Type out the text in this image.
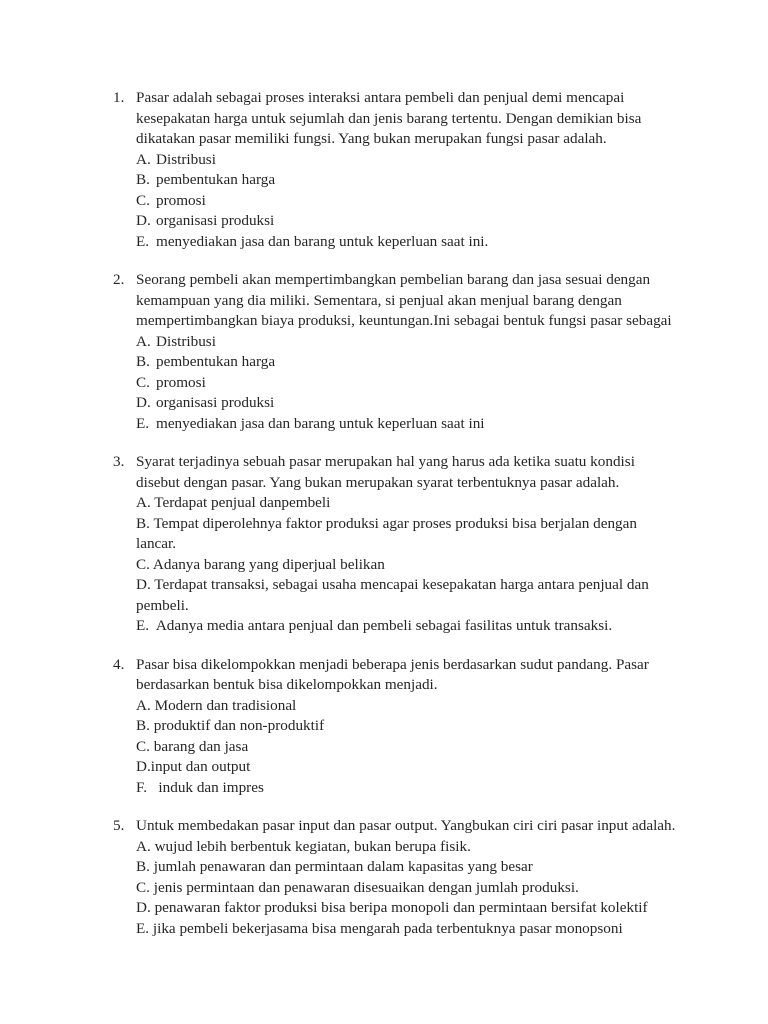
1. Pasar adalah sebagai proses interaksi antara pembeli dan penjual demi mencapai kesepakatan harga untuk sejumlah dan jenis barang tertentu. Dengan demikian bisa dikatakan pasar memiliki fungsi. Yang bukan merupakan fungsi pasar adalah.

A. Distribusi
B. pembentukan harga
C. promosi
D. organisasi produksi
E. menyediakan jasa dan barang untuk keperluan saat ini.
2. Seorang pembeli akan mempertimbangkan pembelian barang dan jasa sesuai dengan kemampuan yang dia miliki. Sementara, si penjual akan menjual barang dengan mempertimbangkan biaya produksi, keuntungan.Ini sebagai bentuk fungsi pasar sebagai

A. Distribusi
B. pembentukan harga
C. promosi
D. organisasi produksi
E. menyediakan jasa dan barang untuk keperluan saat ini
3. Syarat terjadinya sebuah pasar merupakan hal yang harus ada ketika suatu kondisi disebut dengan pasar. Yang bukan merupakan syarat terbentuknya pasar adalah.

A. Terdapat penjual danpembeli
B. Tempat diperolehnya faktor produksi agar proses produksi bisa berjalan dengan lancar.
C. Adanya barang yang diperjual belikan
D. Terdapat transaksi, sebagai usaha mencapai kesepakatan harga antara penjual dan pembeli.
E.  Adanya media antara penjual dan pembeli sebagai fasilitas untuk transaksi.
4. Pasar bisa dikelompokkan menjadi beberapa jenis berdasarkan sudut pandang. Pasar berdasarkan bentuk bisa dikelompokkan menjadi.

A. Modern dan tradisional
B. produktif dan non-produktif
C. barang dan jasa
D.input dan output
F.   induk dan impres
5. Untuk membedakan pasar input dan pasar output. Yangbukan ciri ciri pasar input adalah.

A. wujud lebih berbentuk kegiatan, bukan berupa fisik.
B. jumlah penawaran dan permintaan dalam kapasitas yang besar
C. jenis permintaan dan penawaran disesuaikan dengan jumlah produksi.
D. penawaran faktor produksi bisa beripa monopoli dan permintaan bersifat kolektif
E. jika pembeli bekerjasama bisa mengarah pada terbentuknya pasar monopsoni
